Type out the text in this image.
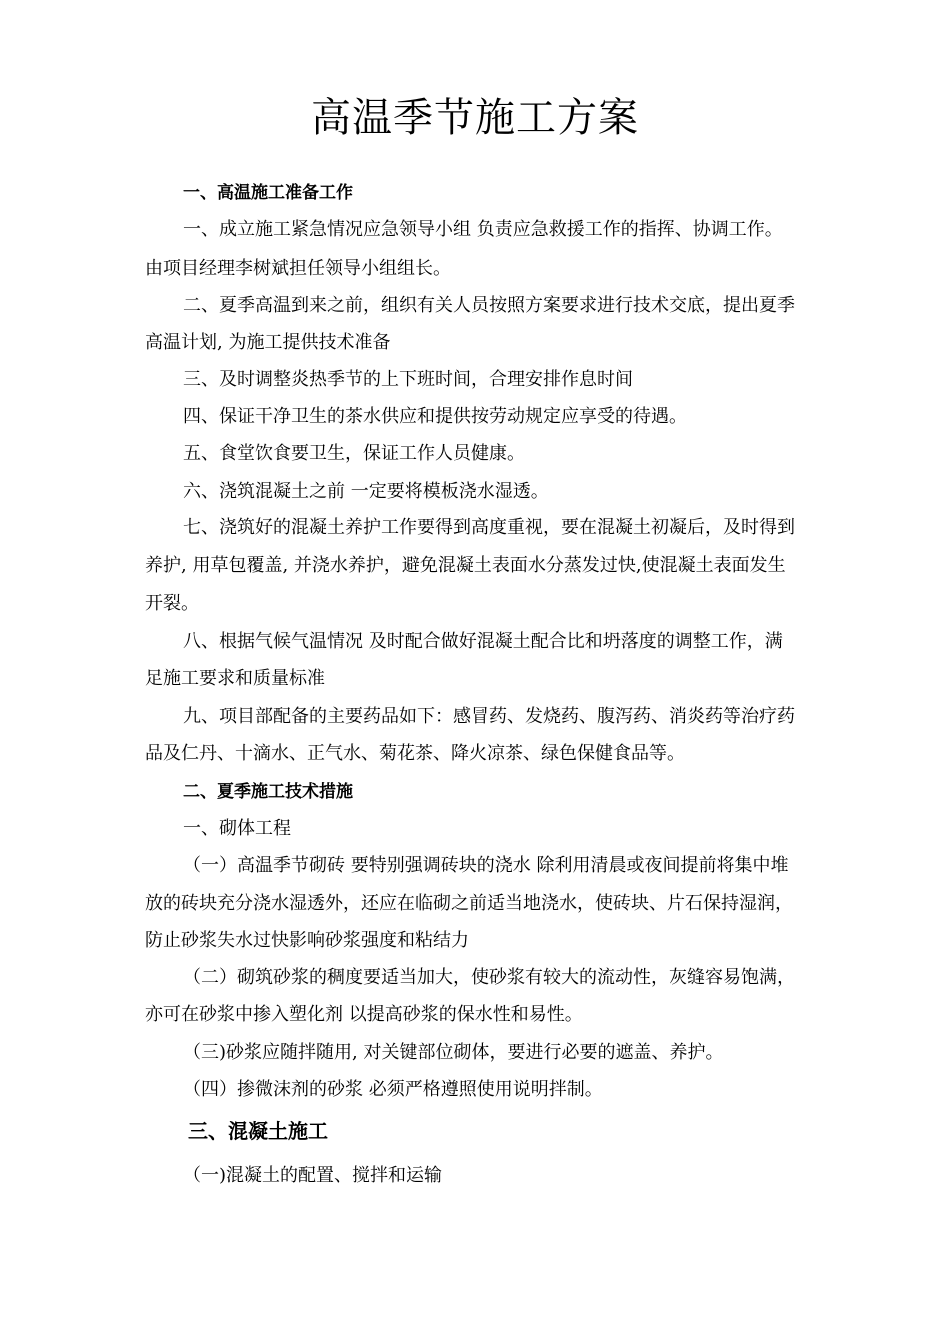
高温季节施工方案
一、高温施工准备工作
一、成立施工紧急情况应急领导小组 负责应急救援工作的指挥、协调工作。
由项目经理李树斌担任领导小组组长。
二、夏季高温到来之前，组织有关人员按照方案要求进行技术交底，提出夏季
高温计划, 为施工提供技术准备
三、及时调整炎热季节的上下班时间，合理安排作息时间
四、保证干净卫生的茶水供应和提供按劳动规定应享受的待遇。
五、食堂饮食要卫生，保证工作人员健康。
六、浇筑混凝土之前 一定要将模板浇水湿透。
七、浇筑好的混凝土养护工作要得到高度重视，要在混凝土初凝后，及时得到
养护, 用草包覆盖, 并浇水养护，避免混凝土表面水分蒸发过快,使混凝土表面发生
开裂。
八、根据气候气温情况 及时配合做好混凝土配合比和坍落度的调整工作，满
足施工要求和质量标准
九、项目部配备的主要药品如下：感冒药、发烧药、腹泻药、消炎药等治疗药
品及仁丹、十滴水、正气水、菊花茶、降火凉茶、绿色保健食品等。
二、夏季施工技术措施
一、砌体工程
（一）高温季节砌砖 要特别强调砖块的浇水 除利用清晨或夜间提前将集中堆
放的砖块充分浇水湿透外，还应在临砌之前适当地浇水，使砖块、片石保持湿润，
防止砂浆失水过快影响砂浆强度和粘结力
（二）砌筑砂浆的稠度要适当加大，使砂浆有较大的流动性，灰缝容易饱满，
亦可在砂浆中掺入塑化剂 以提高砂浆的保水性和易性。
（三)砂浆应随拌随用, 对关键部位砌体，要进行必要的遮盖、养护。
（四）掺微沫剂的砂浆 必须严格遵照使用说明拌制。
三、混凝土施工
（一)混凝土的配置、搅拌和运输
